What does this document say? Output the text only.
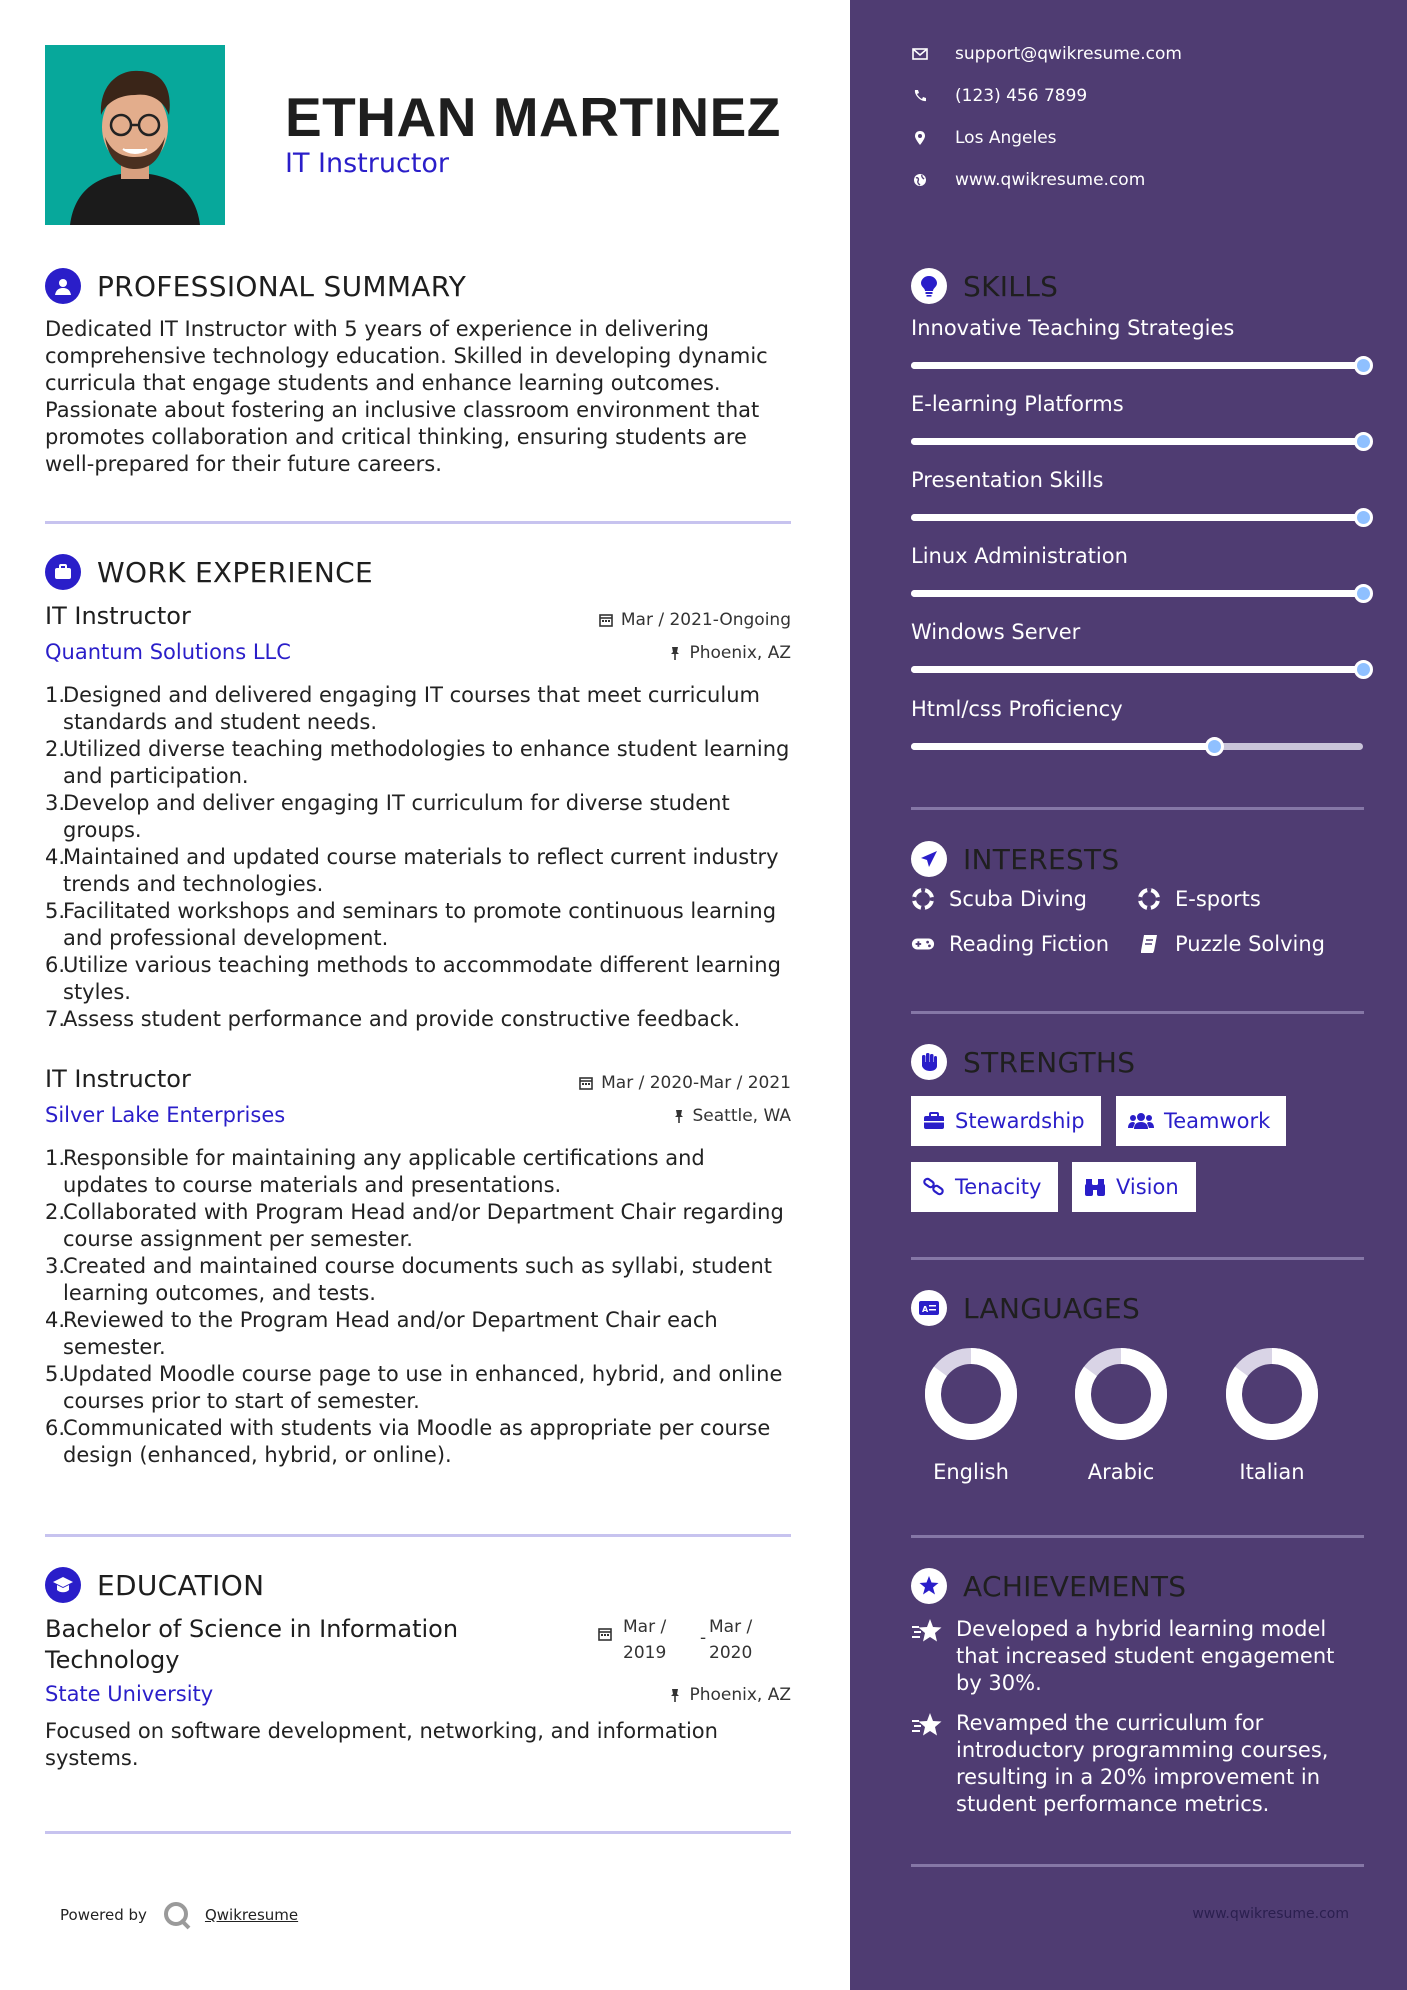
ETHAN MARTINEZ
IT Instructor
PROFESSIONAL SUMMARY
Dedicated IT Instructor with 5 years of experience in delivering comprehensive technology education. Skilled in developing dynamic curricula that engage students and enhance learning outcomes. Passionate about fostering an inclusive classroom environment that promotes collaboration and critical thinking, ensuring students are well-prepared for their future careers.
WORK EXPERIENCE
IT Instructor	Mar / 2021-Ongoing
Quantum Solutions LLC	Phoenix, AZ
Designed and delivered engaging IT courses that meet curriculum standards and student needs.
Utilized diverse teaching methodologies to enhance student learning and participation.
Develop and deliver engaging IT curriculum for diverse student groups.
Maintained and updated course materials to reflect current industry trends and technologies.
Facilitated workshops and seminars to promote continuous learning and professional development.
Utilize various teaching methods to accommodate different learning styles.
Assess student performance and provide constructive feedback.
IT Instructor	Mar / 2020-Mar / 2021
Silver Lake Enterprises	Seattle, WA
Responsible for maintaining any applicable certifications and updates to course materials and presentations.
Collaborated with Program Head and/or Department Chair regarding course assignment per semester.
Created and maintained course documents such as syllabi, student learning outcomes, and tests.
Reviewed to the Program Head and/or Department Chair each semester.
Updated Moodle course page to use in enhanced, hybrid, and online courses prior to start of semester.
Communicated with students via Moodle as appropriate per course design (enhanced, hybrid, or online).
EDUCATION
Bachelor of Science in Information
Technology
Mar /
2019
-
Mar /
2020
State University	Phoenix, AZ
Focused on software development, networking, and information systems.
Powered by	Qwikresume
support@qwikresume.com
(123) 456 7899
Los Angeles
www.qwikresume.com
SKILLS
Innovative Teaching Strategies
E-learning Platforms
Presentation Skills
Linux Administration
Windows Server
Html/css Proficiency
INTERESTS
Scuba Diving	E-sports
Reading Fiction	Puzzle Solving
STRENGTHS
Stewardship	Teamwork
Tenacity	Vision
A LANGUAGES
English	Arabic	Italian
ACHIEVEMENTS
Developed a hybrid learning model that increased student engagement by 30%.
Revamped the curriculum for introductory programming courses, resulting in a 20% improvement in student performance metrics.
www.qwikresume.com
